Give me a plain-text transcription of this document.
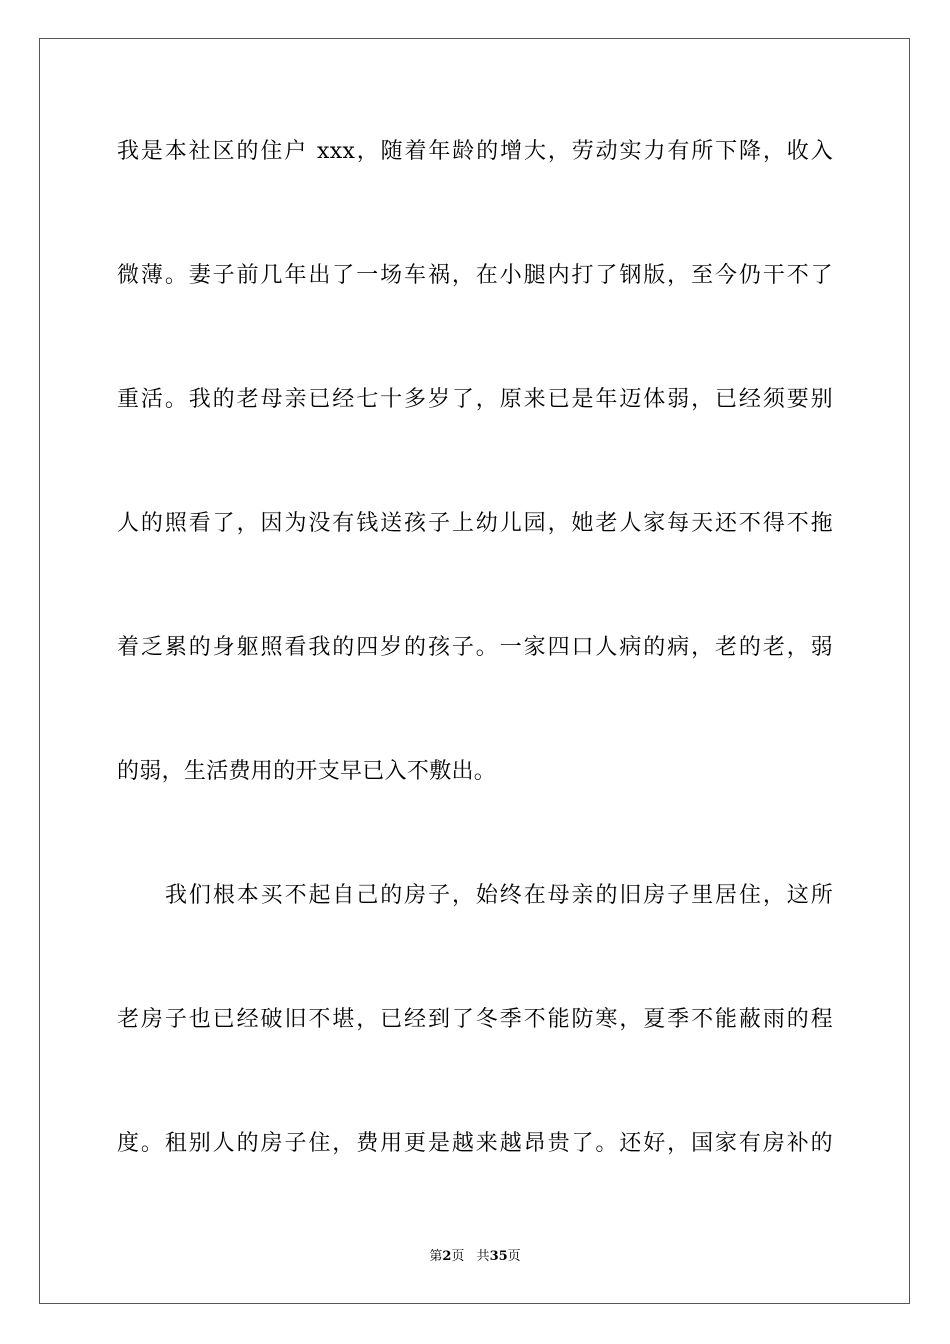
我是本社区的住户 xxx，随着年龄的增大，劳动实力有所下降，收入
微薄。妻子前几年出了一场车祸，在小腿内打了钢版，至今仍干不了
重活。我的老母亲已经七十多岁了，原来已是年迈体弱，已经须要别
人的照看了，因为没有钱送孩子上幼儿园，她老人家每天还不得不拖
着乏累的身躯照看我的四岁的孩子。一家四口人病的病，老的老，弱
的弱，生活费用的开支早已入不敷出。
我们根本买不起自己的房子，始终在母亲的旧房子里居住，这所
老房子也已经破旧不堪，已经到了冬季不能防寒，夏季不能蔽雨的程
度。租别人的房子住，费用更是越来越昂贵了。还好，国家有房补的
第2页 共35页
